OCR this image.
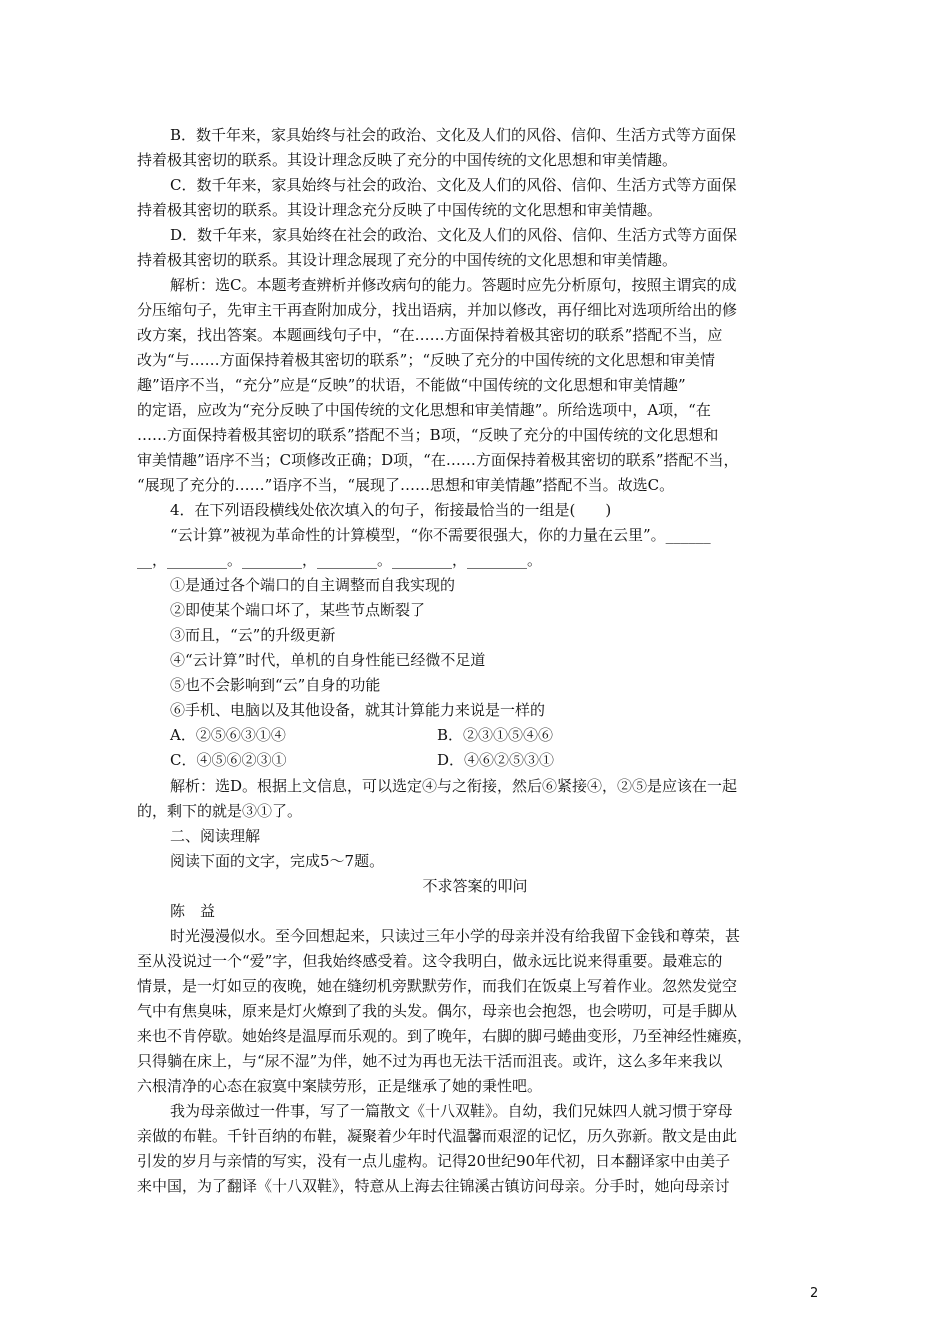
B．数千年来，家具始终与社会的政治、文化及人们的风俗、信仰、生活方式等方面保
持着极其密切的联系。其设计理念反映了充分的中国传统的文化思想和审美情趣。
C．数千年来，家具始终与社会的政治、文化及人们的风俗、信仰、生活方式等方面保
持着极其密切的联系。其设计理念充分反映了中国传统的文化思想和审美情趣。
D．数千年来，家具始终在社会的政治、文化及人们的风俗、信仰、生活方式等方面保
持着极其密切的联系。其设计理念展现了充分的中国传统的文化思想和审美情趣。
解析：选C。本题考查辨析并修改病句的能力。答题时应先分析原句，按照主谓宾的成
分压缩句子，先审主干再查附加成分，找出语病，并加以修改，再仔细比对选项所给出的修
改方案，找出答案。本题画线句子中，“在……方面保持着极其密切的联系”搭配不当，应
改为“与……方面保持着极其密切的联系”；“反映了充分的中国传统的文化思想和审美情
趣”语序不当，“充分”应是“反映”的状语，不能做“中国传统的文化思想和审美情趣”
的定语，应改为“充分反映了中国传统的文化思想和审美情趣”。所给选项中，A项，“在
……方面保持着极其密切的联系”搭配不当；B项，“反映了充分的中国传统的文化思想和
审美情趣”语序不当；C项修改正确；D项，“在……方面保持着极其密切的联系”搭配不当，
“展现了充分的……”语序不当，“展现了……思想和审美情趣”搭配不当。故选C。
4．在下列语段横线处依次填入的句子，衔接最恰当的一组是(　　)
“云计算”被视为革命性的计算模型，“你不需要很强大，你的力量在云里”。______
__，________。________，________。________，________。
①是通过各个端口的自主调整而自我实现的
②即使某个端口坏了，某些节点断裂了
③而且，“云”的升级更新
④“云计算”时代，单机的自身性能已经微不足道
⑤也不会影响到“云”自身的功能
⑥手机、电脑以及其他设备，就其计算能力来说是一样的
A．②⑤⑥③①④	B．②③①⑤④⑥
C．④⑤⑥②③①	D．④⑥②⑤③①
解析：选D。根据上文信息，可以选定④与之衔接，然后⑥紧接④，②⑤是应该在一起
的，剩下的就是③①了。
二、阅读理解
阅读下面的文字，完成5～7题。
不求答案的叩问
陈　益
时光漫漫似水。至今回想起来，只读过三年小学的母亲并没有给我留下金钱和尊荣，甚
至从没说过一个“爱”字，但我始终感受着。这令我明白，做永远比说来得重要。最难忘的
情景，是一灯如豆的夜晚，她在缝纫机旁默默劳作，而我们在饭桌上写着作业。忽然发觉空
气中有焦臭味，原来是灯火燎到了我的头发。偶尔，母亲也会抱怨，也会唠叨，可是手脚从
来也不肯停歇。她始终是温厚而乐观的。到了晚年，右脚的脚弓蜷曲变形，乃至神经性瘫痪，
只得躺在床上，与“尿不湿”为伴，她不过为再也无法干活而沮丧。或许，这么多年来我以
六根清净的心态在寂寞中案牍劳形，正是继承了她的秉性吧。
我为母亲做过一件事，写了一篇散文《十八双鞋》。自幼，我们兄妹四人就习惯于穿母
亲做的布鞋。千针百纳的布鞋，凝聚着少年时代温馨而艰涩的记忆，历久弥新。散文是由此
引发的岁月与亲情的写实，没有一点儿虚构。记得20世纪90年代初，日本翻译家中由美子
来中国，为了翻译《十八双鞋》，特意从上海去往锦溪古镇访问母亲。分手时，她向母亲讨
2
